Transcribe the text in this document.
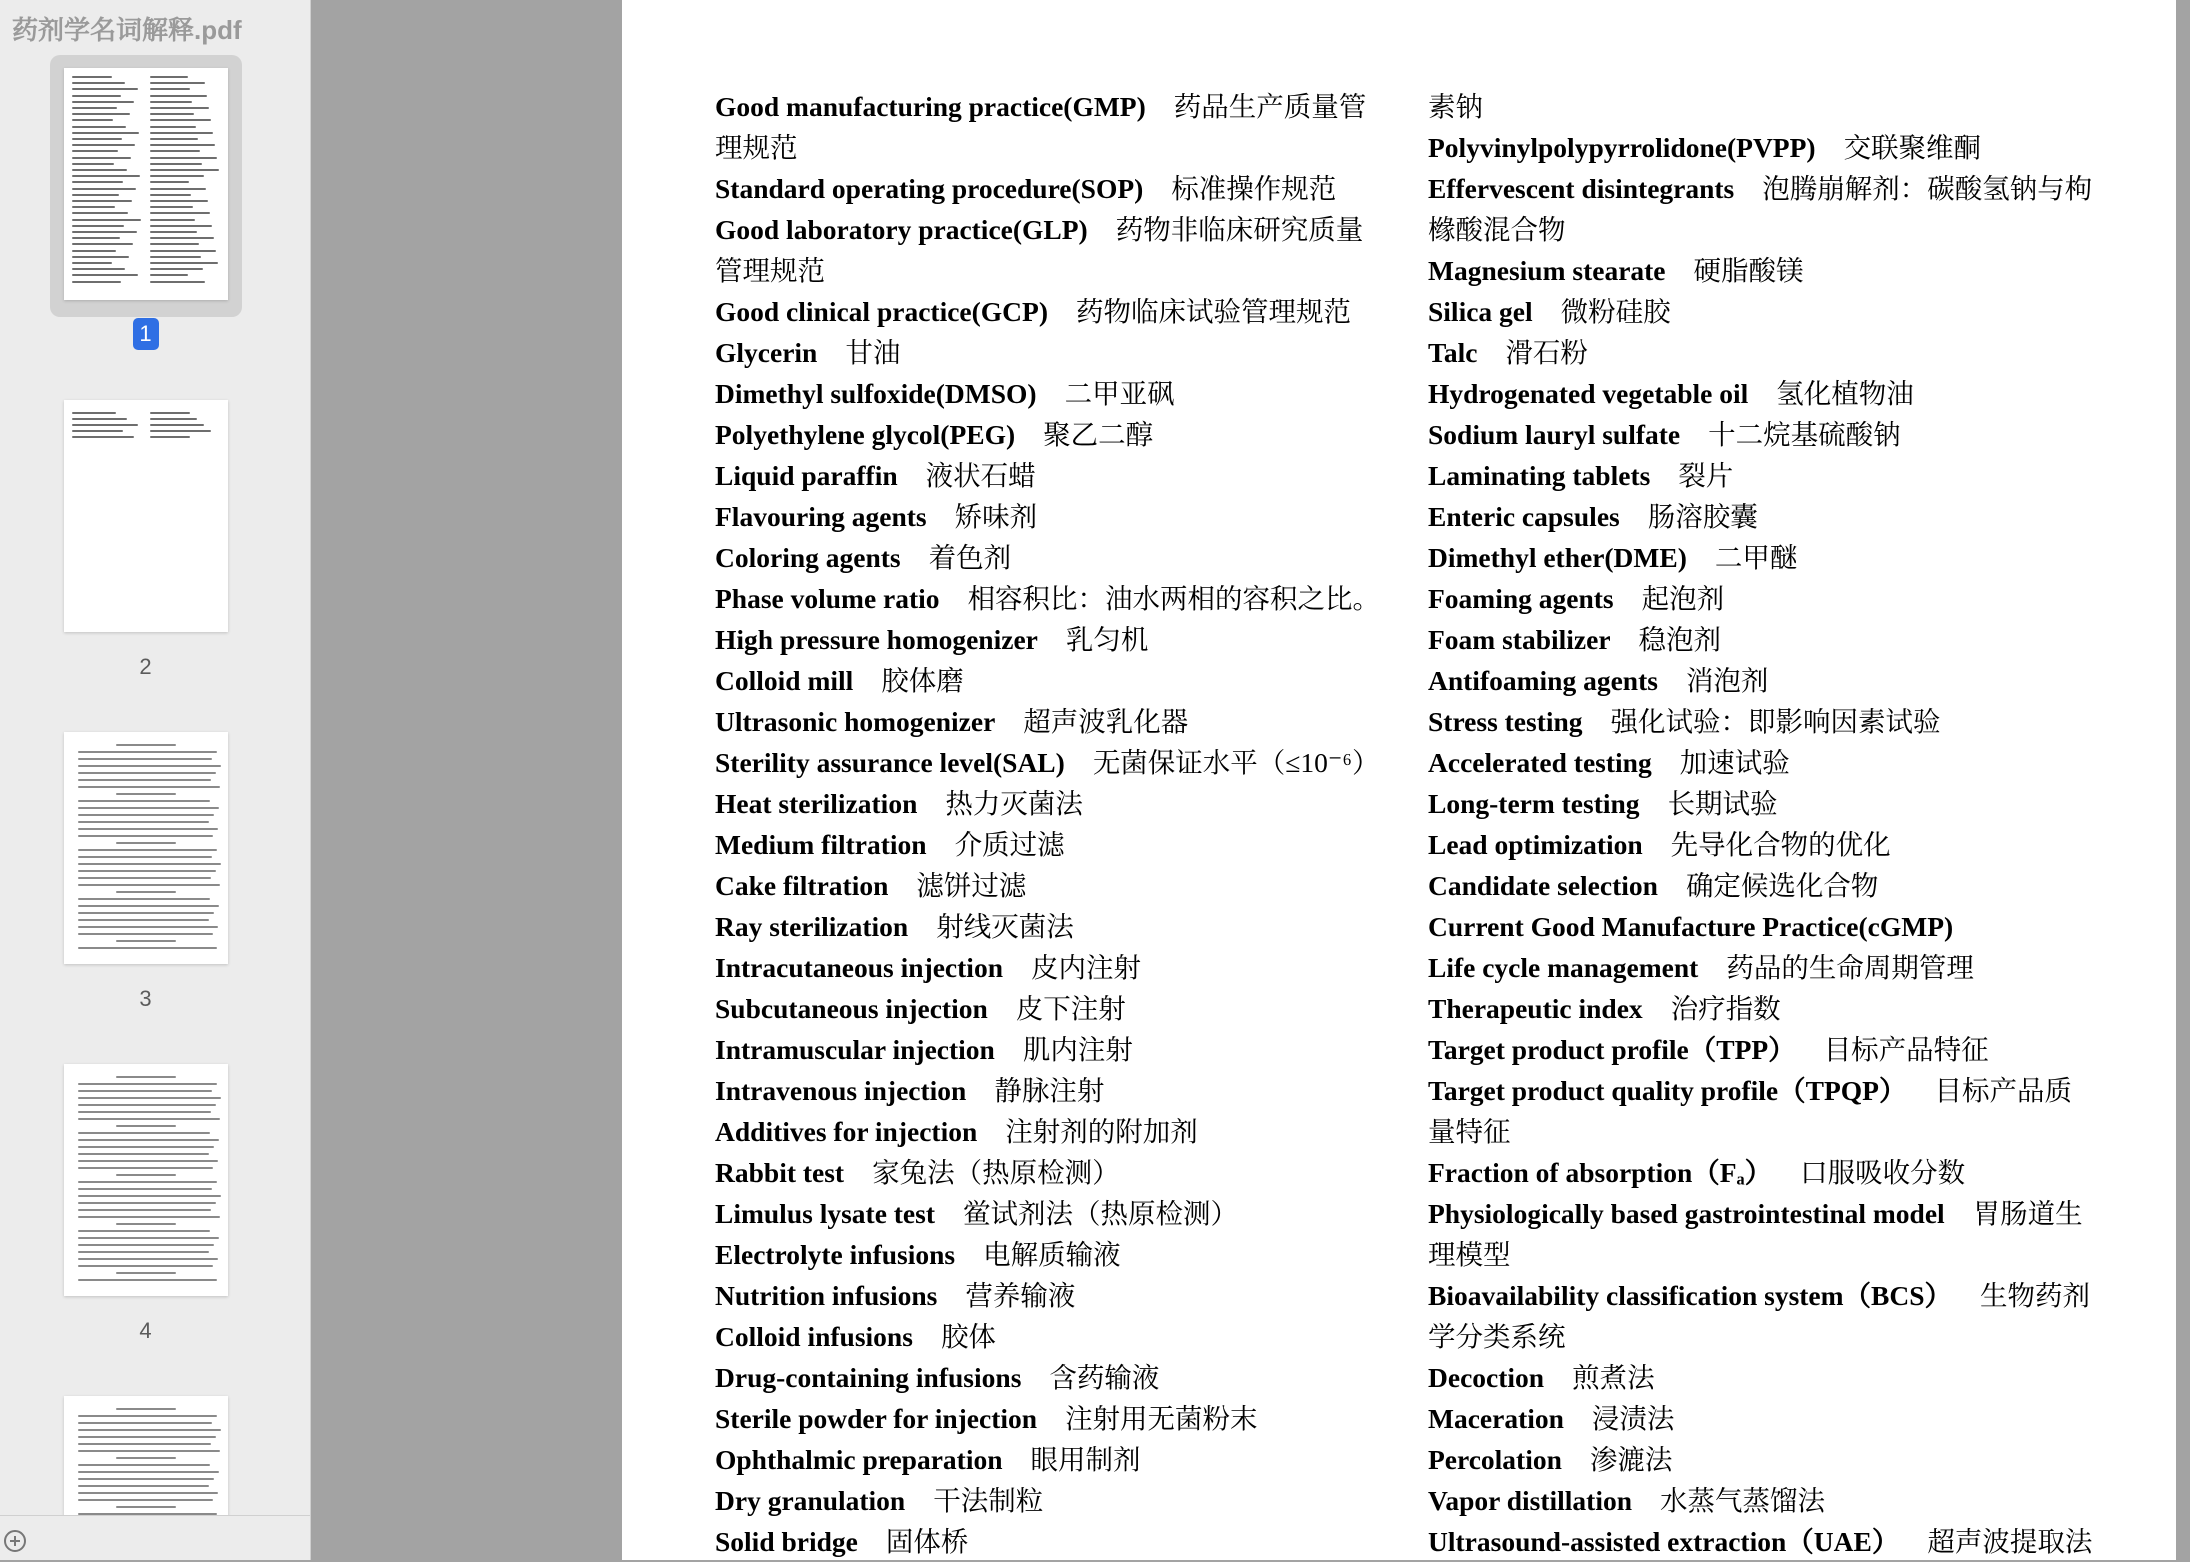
药剂学名词解释.pdf
1
2
3
4
Good manufacturing practice(GMP) 药品生产质量管
理规范
Standard operating procedure(SOP) 标准操作规范
Good laboratory practice(GLP) 药物非临床研究质量
管理规范
Good clinical practice(GCP) 药物临床试验管理规范
Glycerin 甘油
Dimethyl sulfoxide(DMSO) 二甲亚砜
Polyethylene glycol(PEG) 聚乙二醇
Liquid paraffin 液状石蜡
Flavouring agents 矫味剂
Coloring agents 着色剂
Phase volume ratio 相容积比：油水两相的容积之比。
High pressure homogenizer 乳匀机
Colloid mill 胶体磨
Ultrasonic homogenizer 超声波乳化器
Sterility assurance level(SAL) 无菌保证水平（≤10⁻⁶）
Heat sterilization 热力灭菌法
Medium filtration 介质过滤
Cake filtration 滤饼过滤
Ray sterilization 射线灭菌法
Intracutaneous injection 皮内注射
Subcutaneous injection 皮下注射
Intramuscular injection 肌内注射
Intravenous injection 静脉注射
Additives for injection 注射剂的附加剂
Rabbit test 家兔法（热原检测）
Limulus lysate test 鲎试剂法（热原检测）
Electrolyte infusions 电解质输液
Nutrition infusions 营养输液
Colloid infusions 胶体
Drug-containing infusions 含药输液
Sterile powder for injection 注射用无菌粉末
Ophthalmic preparation 眼用制剂
Dry granulation 干法制粒
Solid bridge 固体桥
素钠
Polyvinylpolypyrrolidone(PVPP) 交联聚维酮
Effervescent disintegrants 泡腾崩解剂：碳酸氢钠与枸
橼酸混合物
Magnesium stearate 硬脂酸镁
Silica gel 微粉硅胶
Talc 滑石粉
Hydrogenated vegetable oil 氢化植物油
Sodium lauryl sulfate 十二烷基硫酸钠
Laminating tablets 裂片
Enteric capsules 肠溶胶囊
Dimethyl ether(DME) 二甲醚
Foaming agents 起泡剂
Foam stabilizer 稳泡剂
Antifoaming agents 消泡剂
Stress testing 强化试验：即影响因素试验
Accelerated testing 加速试验
Long-term testing 长期试验
Lead optimization 先导化合物的优化
Candidate selection 确定候选化合物
Current Good Manufacture Practice(cGMP)
Life cycle management 药品的生命周期管理
Therapeutic index 治疗指数
Target product profile（TPP） 目标产品特征
Target product quality profile（TPQP） 目标产品质
量特征
Fraction of absorption（Fₐ） 口服吸收分数
Physiologically based gastrointestinal model 胃肠道生
理模型
Bioavailability classification system（BCS） 生物药剂
学分类系统
Decoction 煎煮法
Maceration 浸渍法
Percolation 渗漉法
Vapor distillation 水蒸气蒸馏法
Ultrasound-assisted extraction（UAE） 超声波提取法
